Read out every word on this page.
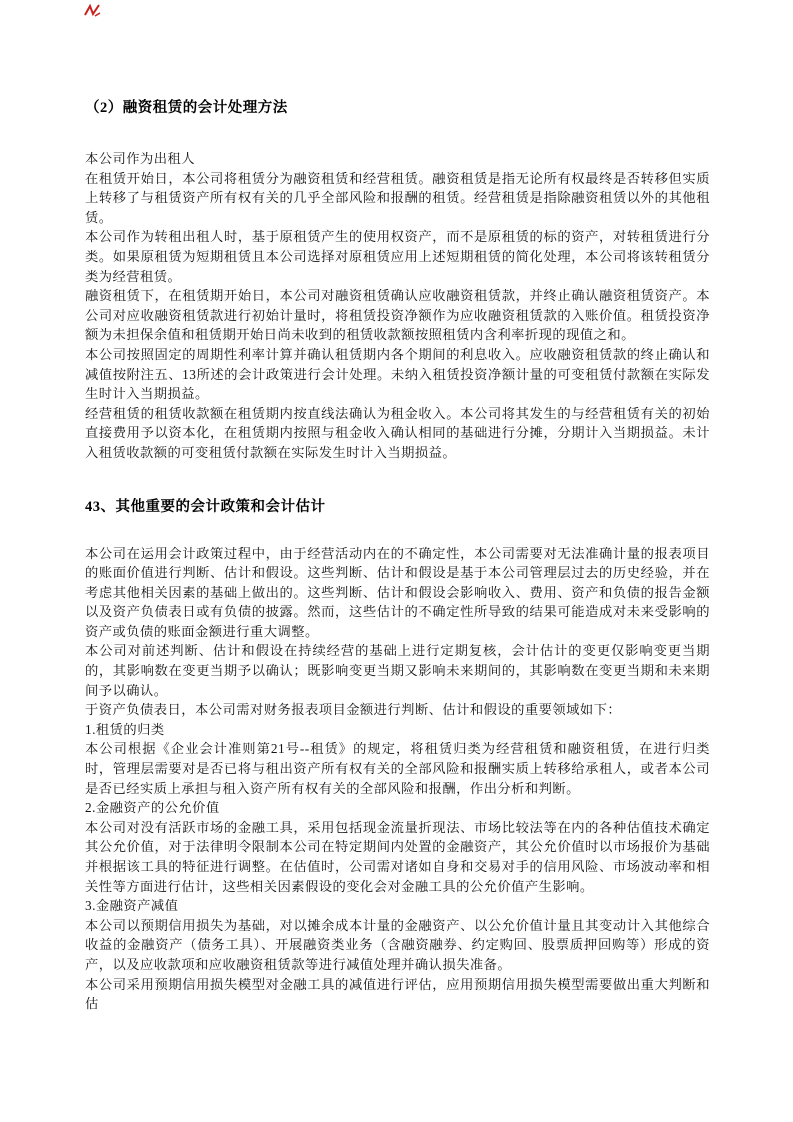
（2）融资租赁的会计处理方法

本公司作为出租人

在租赁开始日，本公司将租赁分为融资租赁和经营租赁。融资租赁是指无论所有权最终是否转移但实质上转移了与租赁资产所有权有关的几乎全部风险和报酬的租赁。经营租赁是指除融资租赁以外的其他租赁。

本公司作为转租出租人时，基于原租赁产生的使用权资产，而不是原租赁的标的资产，对转租赁进行分类。如果原租赁为短期租赁且本公司选择对原租赁应用上述短期租赁的简化处理，本公司将该转租赁分类为经营租赁。

融资租赁下，在租赁期开始日，本公司对融资租赁确认应收融资租赁款，并终止确认融资租赁资产。本公司对应收融资租赁款进行初始计量时，将租赁投资净额作为应收融资租赁款的入账价值。租赁投资净额为未担保余值和租赁期开始日尚未收到的租赁收款额按照租赁内含利率折现的现值之和。

本公司按照固定的周期性利率计算并确认租赁期内各个期间的利息收入。应收融资租赁款的终止确认和减值按附注五、13所述的会计政策进行会计处理。未纳入租赁投资净额计量的可变租赁付款额在实际发生时计入当期损益。

经营租赁的租赁收款额在租赁期内按直线法确认为租金收入。本公司将其发生的与经营租赁有关的初始直接费用予以资本化，在租赁期内按照与租金收入确认相同的基础进行分摊，分期计入当期损益。未计入租赁收款额的可变租赁付款额在实际发生时计入当期损益。

43、其他重要的会计政策和会计估计

本公司在运用会计政策过程中，由于经营活动内在的不确定性，本公司需要对无法准确计量的报表项目的账面价值进行判断、估计和假设。这些判断、估计和假设是基于本公司管理层过去的历史经验，并在考虑其他相关因素的基础上做出的。这些判断、估计和假设会影响收入、费用、资产和负债的报告金额以及资产负债表日或有负债的披露。然而，这些估计的不确定性所导致的结果可能造成对未来受影响的资产或负债的账面金额进行重大调整。

本公司对前述判断、估计和假设在持续经营的基础上进行定期复核，会计估计的变更仅影响变更当期的，其影响数在变更当期予以确认；既影响变更当期又影响未来期间的，其影响数在变更当期和未来期间予以确认。

于资产负债表日，本公司需对财务报表项目金额进行判断、估计和假设的重要领域如下：

1.租赁的归类

本公司根据《企业会计准则第21号--租赁》的规定，将租赁归类为经营租赁和融资租赁，在进行归类时，管理层需要对是否已将与租出资产所有权有关的全部风险和报酬实质上转移给承租人，或者本公司是否已经实质上承担与租入资产所有权有关的全部风险和报酬，作出分析和判断。

2.金融资产的公允价值

本公司对没有活跃市场的金融工具，采用包括现金流量折现法、市场比较法等在内的各种估值技术确定其公允价值，对于法律明令限制本公司在特定期间内处置的金融资产，其公允价值时以市场报价为基础并根据该工具的特征进行调整。在估值时，公司需对诸如自身和交易对手的信用风险、市场波动率和相关性等方面进行估计，这些相关因素假设的变化会对金融工具的公允价值产生影响。

3.金融资产减值

本公司以预期信用损失为基础，对以摊余成本计量的金融资产、以公允价值计量且其变动计入其他综合收益的金融资产（债务工具）、开展融资类业务（含融资融券、约定购回、股票质押回购等）形成的资产，以及应收款项和应收融资租赁款等进行减值处理并确认损失准备。

本公司采用预期信用损失模型对金融工具的减值进行评估，应用预期信用损失模型需要做出重大判断和估
